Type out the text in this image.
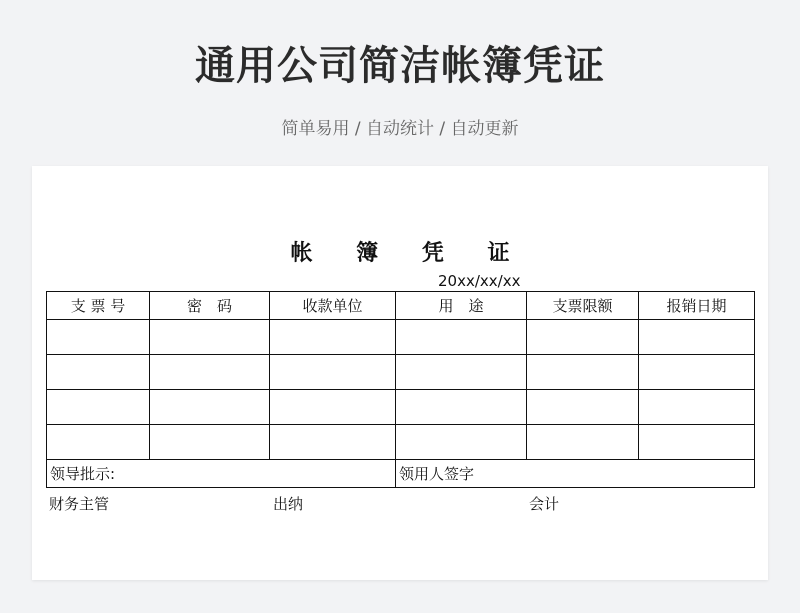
通用公司简洁帐簿凭证
简单易用 / 自动统计 / 自动更新
帐 簿 凭 证
20xx/xx/xx
支 票 号	密　码	收款单位	用　途	支票限额	报销日期

领导批示:			领用人签字		
财务主管	出纳	会计
